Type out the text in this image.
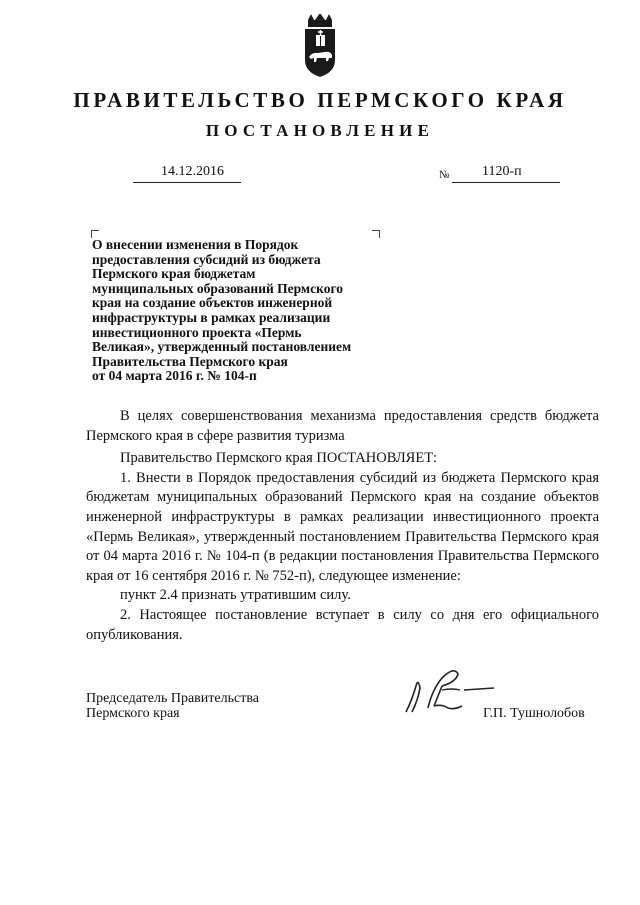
ПРАВИТЕЛЬСТВО ПЕРМСКОГО КРАЯ
ПОСТАНОВЛЕНИЕ
14.12.2016	№ 1120-п
О внесении изменения в Порядок
предоставления субсидий из бюджета
Пермского края бюджетам
муниципальных образований Пермского
края на создание объектов инженерной
инфраструктуры в рамках реализации
инвестиционного проекта «Пермь
Великая», утвержденный постановлением
Правительства Пермского края
от 04 марта 2016 г. № 104-п

В целях совершенствования механизма предоставления средств бюджета Пермского края в сфере развития туризма

Правительство Пермского края ПОСТАНОВЛЯЕТ:

1. Внести в Порядок предоставления субсидий из бюджета Пермского края бюджетам муниципальных образований Пермского края на создание объектов инженерной инфраструктуры в рамках реализации инвестиционного проекта «Пермь Великая», утвержденный постановлением Правительства Пермского края от 04 марта 2016 г. № 104-п (в редакции постановления Правительства Пермского края от 16 сентября 2016 г. № 752-п), следующее изменение:

пункт 2.4 признать утратившим силу.

2. Настоящее постановление вступает в силу со дня его официального опубликования.

Председатель Правительства
Пермского края	Г.П. Тушнолобов
